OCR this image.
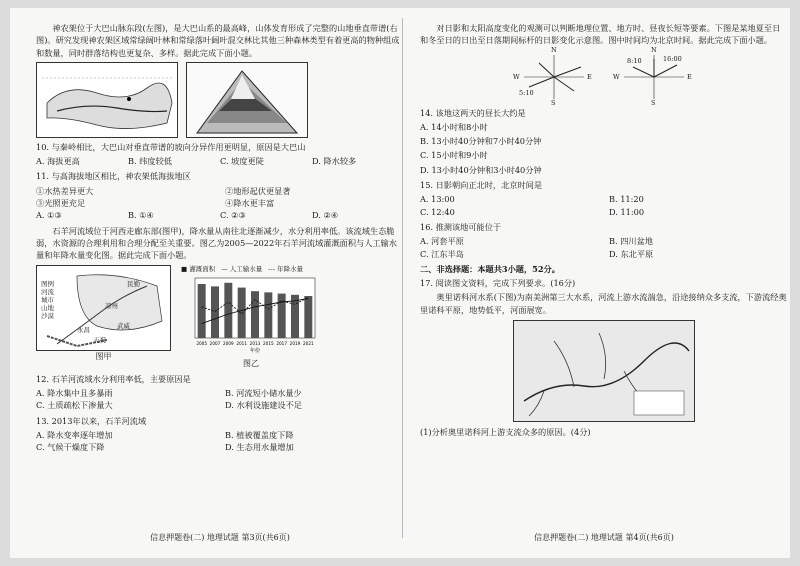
神农架位于大巴山脉东段(左图)，是大巴山系的最高峰，山体发育形成了完整的山地垂直带谱(右图)。研究发现神农架区域常绿阔叶林和常绿落叶阔叶混交林比其他三种森林类型有着更高的物种组成和数量，同时群落结构也更复杂、多样。据此完成下面小题。

10. 与秦岭相比，大巴山对垂直带谱的坡向分异作用更明显，原因是大巴山

A. 海拔更高	B. 纬度较低	C. 坡度更陡	D. 降水较多

11. 与高海拔地区相比，神农架低海拔地区

①水热差异更大	②地形起伏更显著
③光照更充足	④降水更丰富
A. ①③	B. ①④	C. ②③	D. ②④

石羊河流域位于河西走廊东部(图甲)，降水量从南往北逐渐减少，水分利用率低。该流域生态脆弱，水资源的合理利用和合理分配至关重要。图乙为2005—2022年石羊河流域灌溉面积与人工输水量和年降水量变化图。据此完成下面小题。

图例
河流
城市
山地
沙漠
凉州
民勤
武威
天祝
永昌
图甲
■ 灌溉面积 — 人工输水量 --- 年降水量
2005 2007 2009 2011 2013 2015 2017 2019 2021
年份
图乙

12. 石羊河流域水分利用率低，主要原因是

A. 降水集中且多暴雨	B. 河流短小储水量少
C. 土质疏松下渗量大	D. 水利设施建设不足

13. 2013年以来，石羊河流域

A. 降水变率逐年增加	B. 植被覆盖度下降
C. 气候干燥度下降	D. 生态用水量增加
信息押题卷(二) 地理试题 第3页(共6页)

对日影和太阳高度变化的观测可以判断地理位置、地方时、昼夜长短等要素。下图是某地夏至日和冬至日的日出至日落期间标杆的日影变化示意图。图中时间均为北京时间。据此完成下面小题。

N
S
W	E
5:10
N
S
W	E
8:10	16:00

14. 该地这两天的昼长大约是

A. 14小时和8小时

B. 13小时40分钟和7小时40分钟

C. 15小时和9小时

D. 13小时40分钟和3小时40分钟

15. 日影朝向正北时，北京时间是

A. 13:00	B. 11:20
C. 12:40	D. 11:00

16. 推测该地可能位于

A. 河套平原	B. 四川盆地
C. 江东半岛	D. 东北平原

二、非选择题：本题共3小题，52分。

17. 阅读图文资料，完成下列要求。(16分)

奥里诺科河水系(下图)为南美洲第三大水系，河流上游水流湍急，沿途接纳众多支流，下游流经奥里诺科平原，地势低平，河面展宽。

(1)分析奥里诺科河上游支流众多的原因。(4分)

信息押题卷(二) 地理试题 第4页(共6页)
